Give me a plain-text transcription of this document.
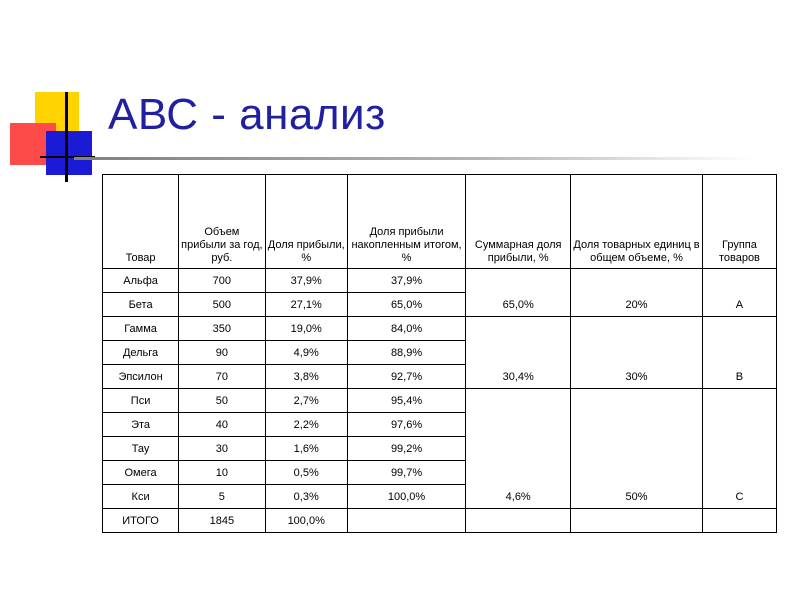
АВС - анализ
Товар	Объем прибыли за год, руб.	Доля прибыли, %	Доля прибыли накопленным итогом, %	Суммарная доля прибыли, %	Доля товарных единиц в общем объеме, %	Группа товаров
Альфа	700	37,9%	37,9%	65,0%	20%	A
Бета	500	27,1%	65,0%			
Гамма	350	19,0%	84,0%	30,4%	30%	B
Дельга	90	4,9%	88,9%			
Эпсилон	70	3,8%	92,7%			
Пси	50	2,7%	95,4%	4,6%	50%	C
Эта	40	2,2%	97,6%			
Тау	30	1,6%	99,2%			
Омега	10	0,5%	99,7%			
Кси	5	0,3%	100,0%			
ИТОГО	1845	100,0%				
